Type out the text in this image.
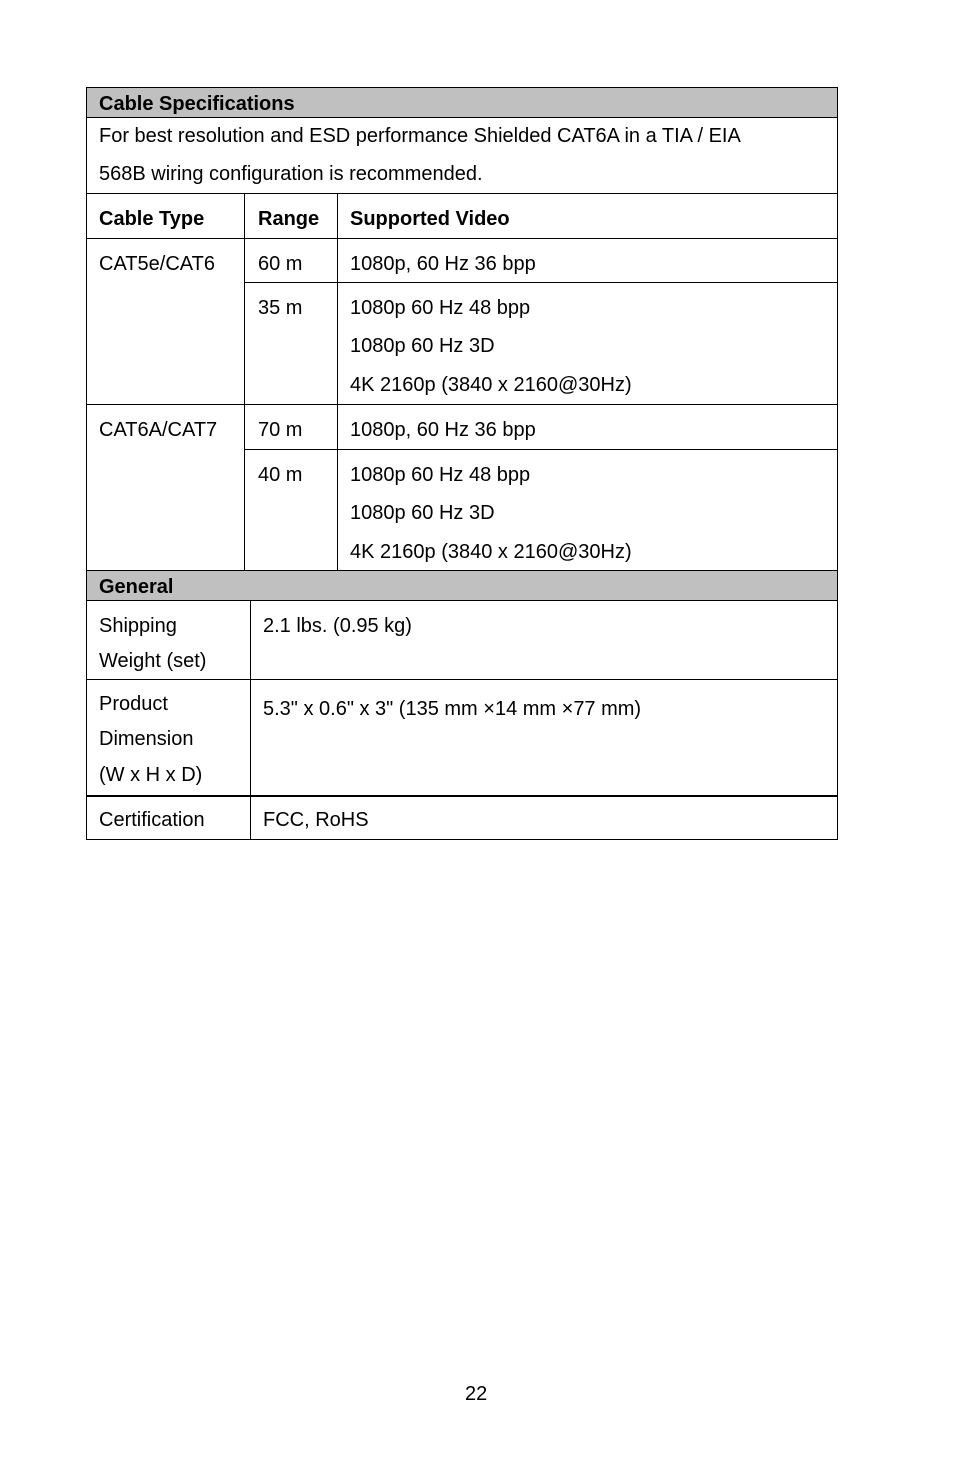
Cable Specifications
For best resolution and ESD performance Shielded CAT6A in a TIA / EIA
568B wiring configuration is recommended.
Cable Type	Range Supported Video
CAT5e/CAT6 60 m 1080p, 60 Hz 36 bpp
35 m 1080p 60 Hz 48 bpp
1080p 60 Hz 3D
4K 2160p (3840 x 2160@30Hz)
CAT6A/CAT7 70 m 1080p, 60 Hz 36 bpp
40 m 1080p 60 Hz 48 bpp
1080p 60 Hz 3D
4K 2160p (3840 x 2160@30Hz)
General
Shipping
Weight (set)
2.1 lbs. (0.95 kg)
Product
Dimension
(W x H x D)
5.3" x 0.6" x 3" (135 mm ×14 mm ×77 mm)
Certification	FCC, RoHS
22
